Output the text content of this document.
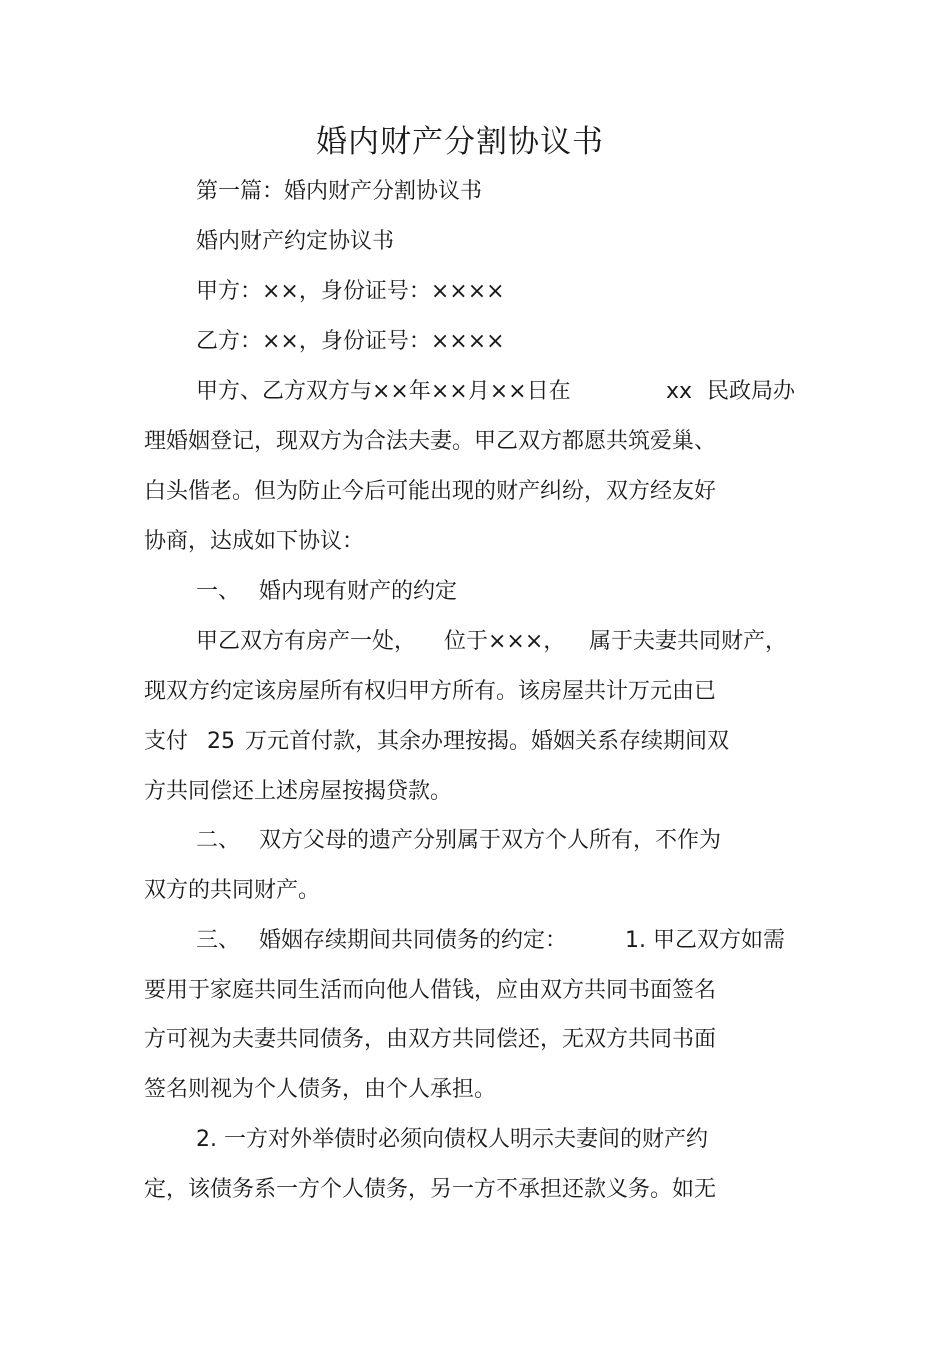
婚内财产分割协议书
第一篇：婚内财产分割协议书
婚内财产约定协议书
甲方：××，身份证号：××××
乙方：××，身份证号：××××
甲方、乙方双方与××年××月××日在	xx 民政局办
理婚姻登记，现双方为合法夫妻。甲乙双方都愿共筑爱巢、
白头偕老。但为防止今后可能出现的财产纠纷，双方经友好
协商，达成如下协议：
一、 婚内现有财产的约定
甲乙双方有房产一处， 位于×××， 属于夫妻共同财产，
现双方约定该房屋所有权归甲方所有。该房屋共计万元由已
支付 25 万元首付款，其余办理按揭。婚姻关系存续期间双
方共同偿还上述房屋按揭贷款。
二、 双方父母的遗产分别属于双方个人所有，不作为
双方的共同财产。
三、 婚姻存续期间共同债务的约定：	1. 甲乙双方如需
要用于家庭共同生活而向他人借钱，应由双方共同书面签名
方可视为夫妻共同债务，由双方共同偿还，无双方共同书面
签名则视为个人债务，由个人承担。
2. 一方对外举债时必须向债权人明示夫妻间的财产约
定，该债务系一方个人债务，另一方不承担还款义务。如无
